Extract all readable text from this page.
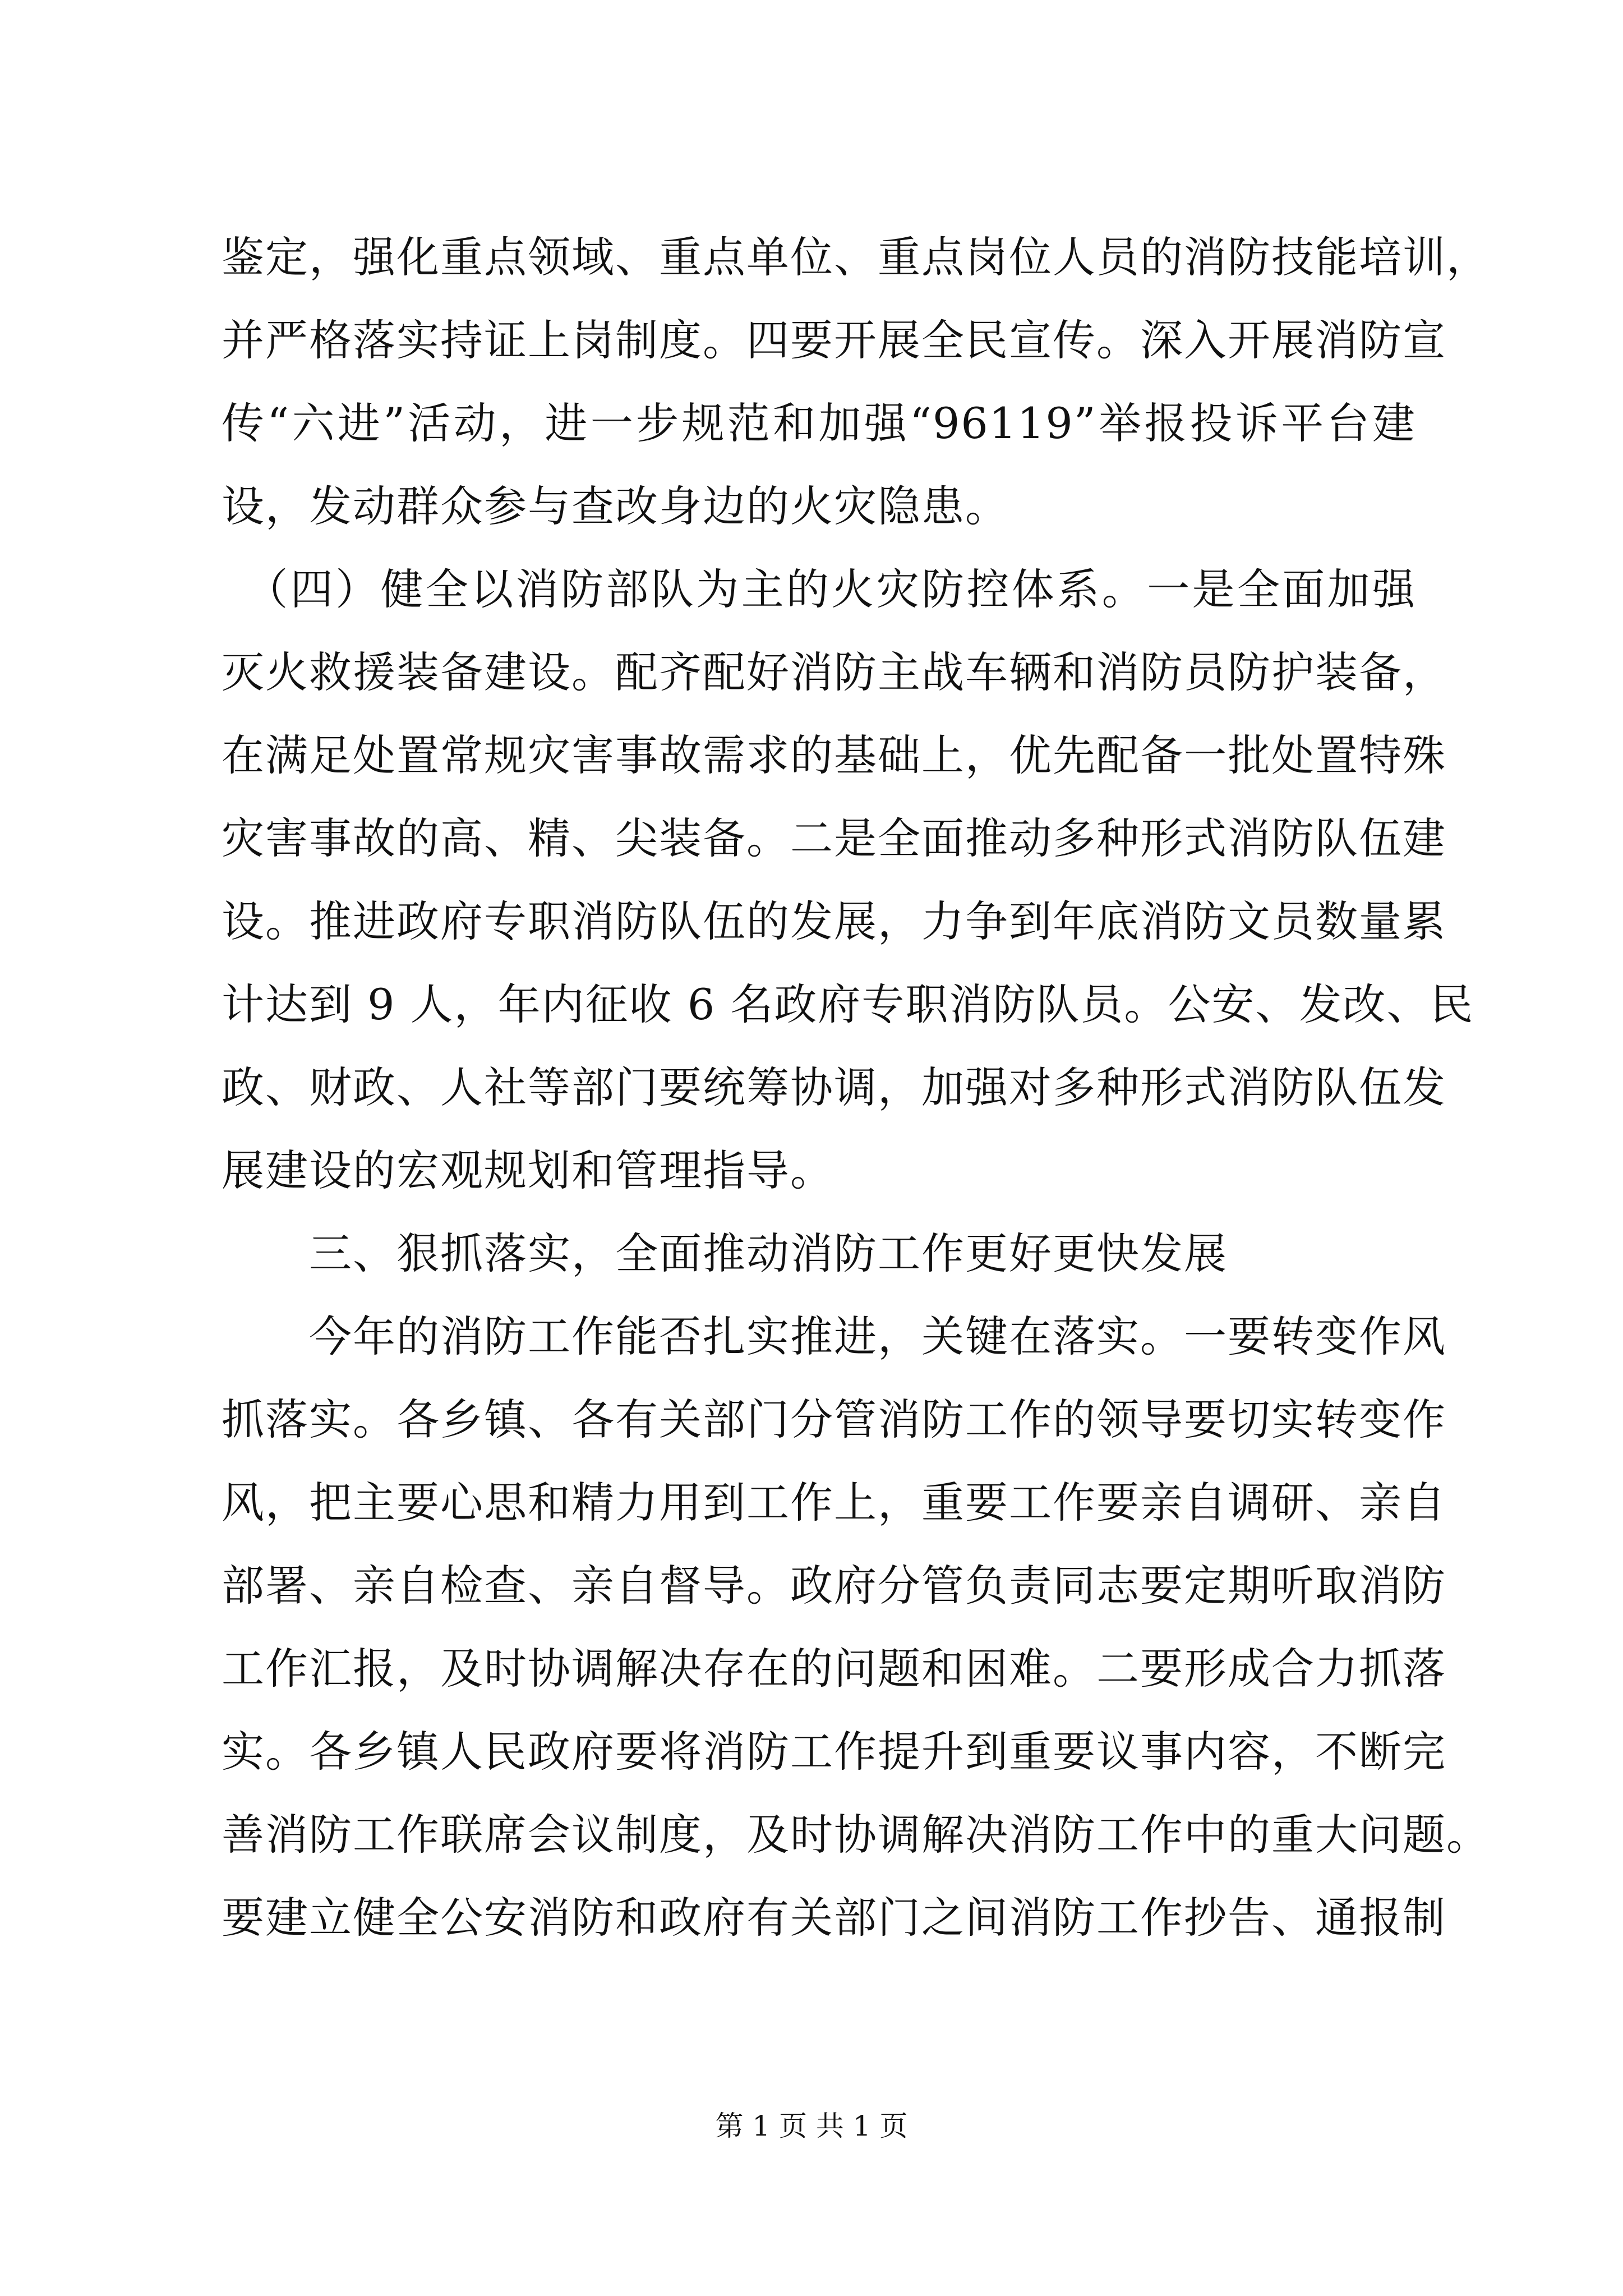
鉴定，强化重点领域、重点单位、重点岗位人员的消防技能培训，
并严格落实持证上岗制度。四要开展全民宣传。深入开展消防宣
传“六进”活动，进一步规范和加强“96119”举报投诉平台建
设，发动群众参与查改身边的火灾隐患。
　（四）健全以消防部队为主的火灾防控体系。一是全面加强
灭火救援装备建设。配齐配好消防主战车辆和消防员防护装备，
在满足处置常规灾害事故需求的基础上，优先配备一批处置特殊
灾害事故的高、精、尖装备。二是全面推动多种形式消防队伍建
设。推进政府专职消防队伍的发展，力争到年底消防文员数量累
计达到 9 人，年内征收 6 名政府专职消防队员。公安、发改、民
政、财政、人社等部门要统筹协调，加强对多种形式消防队伍发
展建设的宏观规划和管理指导。
　　三、狠抓落实，全面推动消防工作更好更快发展
　　今年的消防工作能否扎实推进，关键在落实。一要转变作风
抓落实。各乡镇、各有关部门分管消防工作的领导要切实转变作
风，把主要心思和精力用到工作上，重要工作要亲自调研、亲自
部署、亲自检查、亲自督导。政府分管负责同志要定期听取消防
工作汇报，及时协调解决存在的问题和困难。二要形成合力抓落
实。各乡镇人民政府要将消防工作提升到重要议事内容，不断完
善消防工作联席会议制度，及时协调解决消防工作中的重大问题。
要建立健全公安消防和政府有关部门之间消防工作抄告、通报制
第 1 页 共 1 页
